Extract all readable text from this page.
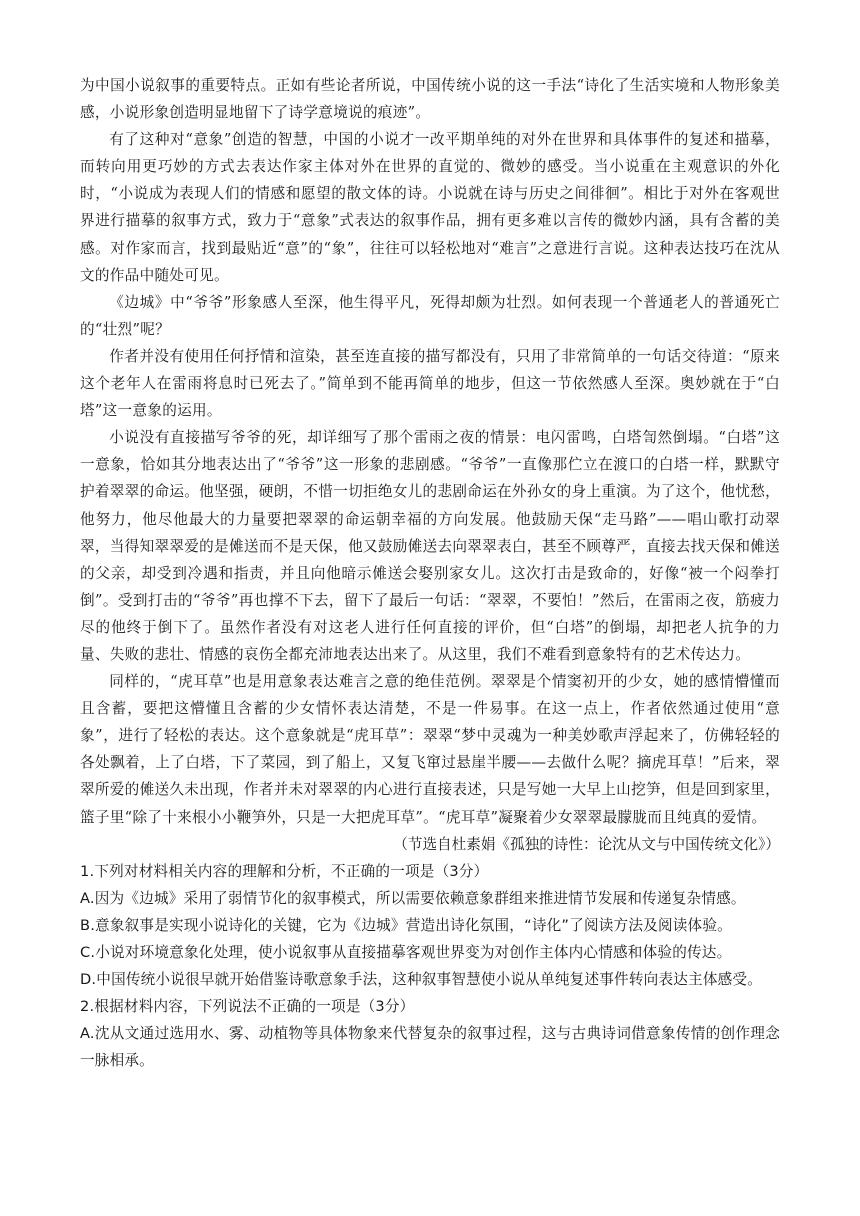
为中国小说叙事的重要特点。正如有些论者所说，中国传统小说的这一手法“诗化了生活实境和人物形象美感，小说形象创造明显地留下了诗学意境说的痕迹”。

有了这种对“意象”创造的智慧，中国的小说才一改平期单纯的对外在世界和具体事件的复述和描摹，而转向用更巧妙的方式去表达作家主体对外在世界的直觉的、微妙的感受。当小说重在主观意识的外化时，“小说成为表现人们的情感和愿望的散文体的诗。小说就在诗与历史之间徘徊”。相比于对外在客观世界进行描摹的叙事方式，致力于“意象”式表达的叙事作品，拥有更多难以言传的微妙内涵，具有含蓄的美感。对作家而言，找到最贴近“意”的“象”，往往可以轻松地对“难言”之意进行言说。这种表达技巧在沈从文的作品中随处可见。

《边城》中“爷爷”形象感人至深，他生得平凡，死得却颇为壮烈。如何表现一个普通老人的普通死亡的“壮烈”呢？

作者并没有使用任何抒情和渲染，甚至连直接的描写都没有，只用了非常简单的一句话交待道：“原来这个老年人在雷雨将息时已死去了。”简单到不能再简单的地步，但这一节依然感人至深。奥妙就在于“白塔”这一意象的运用。

小说没有直接描写爷爷的死，却详细写了那个雷雨之夜的情景：电闪雷鸣，白塔訇然倒塌。“白塔”这一意象，恰如其分地表达出了“爷爷”这一形象的悲剧感。“爷爷”一直像那伫立在渡口的白塔一样，默默守护着翠翠的命运。他坚强，硬朗，不惜一切拒绝女儿的悲剧命运在外孙女的身上重演。为了这个，他忧愁，他努力，他尽他最大的力量要把翠翠的命运朝幸福的方向发展。他鼓励天保“走马路”——唱山歌打动翠翠，当得知翠翠爱的是傩送而不是天保，他又鼓励傩送去向翠翠表白，甚至不顾尊严，直接去找天保和傩送的父亲，却受到冷遇和指责，并且向他暗示傩送会娶别家女儿。这次打击是致命的，好像“被一个闷拳打倒”。受到打击的“爷爷”再也撑不下去，留下了最后一句话：“翠翠，不要怕！”然后，在雷雨之夜，筋疲力尽的他终于倒下了。虽然作者没有对这老人进行任何直接的评价，但“白塔”的倒塌，却把老人抗争的力量、失败的悲壮、情感的哀伤全都充沛地表达出来了。从这里，我们不难看到意象特有的艺术传达力。

同样的，“虎耳草”也是用意象表达难言之意的绝佳范例。翠翠是个情窦初开的少女，她的感情懵懂而且含蓄，要把这懵懂且含蓄的少女情怀表达清楚，不是一件易事。在这一点上，作者依然通过使用“意象”，进行了轻松的表达。这个意象就是“虎耳草”：翠翠“梦中灵魂为一种美妙歌声浮起来了，仿佛轻轻的各处飘着，上了白塔，下了菜园，到了船上，又复飞窜过悬崖半腰——去做什么呢？摘虎耳草！”后来，翠翠所爱的傩送久未出现，作者并未对翠翠的内心进行直接表述，只是写她一大早上山挖笋，但是回到家里，篮子里“除了十来根小小鞭笋外，只是一大把虎耳草”。“虎耳草”凝聚着少女翠翠最朦胧而且纯真的爱情。

（节选自杜素娟《孤独的诗性：论沈从文与中国传统文化》）

1.下列对材料相关内容的理解和分析，不正确的一项是（3分）

A.因为《边城》采用了弱情节化的叙事模式，所以需要依赖意象群组来推进情节发展和传递复杂情感。

B.意象叙事是实现小说诗化的关键，它为《边城》营造出诗化氛围，“诗化”了阅读方法及阅读体验。

C.小说对环境意象化处理，使小说叙事从直接描摹客观世界变为对创作主体内心情感和体验的传达。

D.中国传统小说很早就开始借鉴诗歌意象手法，这种叙事智慧使小说从单纯复述事件转向表达主体感受。

2.根据材料内容，下列说法不正确的一项是（3分）

A.沈从文通过选用水、雾、动植物等具体物象来代替复杂的叙事过程，这与古典诗词借意象传情的创作理念一脉相承。
